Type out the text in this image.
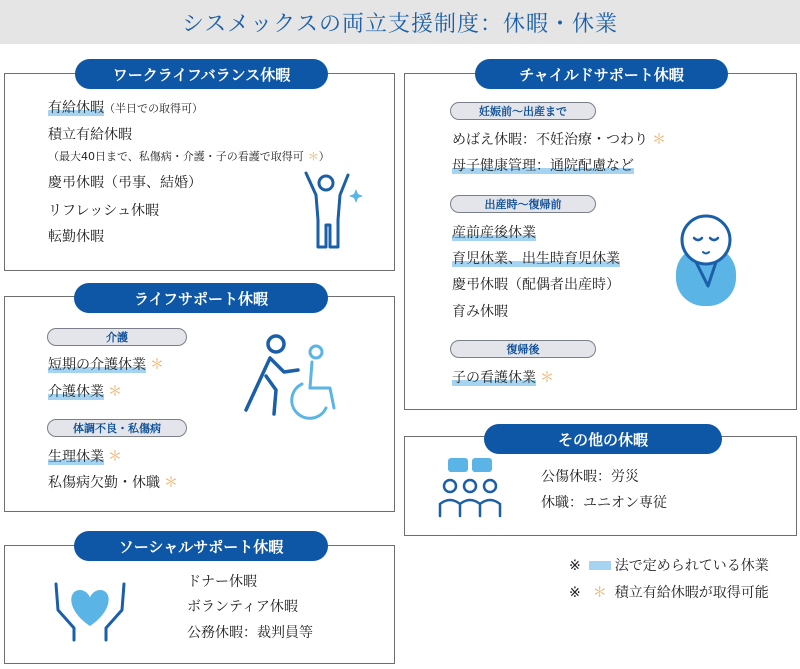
シスメックスの両立支援制度：休暇・休業
ワークライフバランス休暇
有給休暇（半日での取得可）
積立有給休暇
（最大40日まで、私傷病・介護・子の看護で取得可 ＊）
慶弔休暇（弔事、結婚）
リフレッシュ休暇
転勤休暇
ライフサポート休暇
介護
短期の介護休業 ＊
介護休業 ＊
体調不良・私傷病
生理休業 ＊
私傷病欠勤・休職 ＊
ソーシャルサポート休暇
ドナー休暇
ボランティア休暇
公務休暇：裁判員等
チャイルドサポート休暇
妊娠前〜出産まで
めばえ休暇：不妊治療・つわり ＊
母子健康管理：通院配慮など
出産時〜復帰前
産前産後休業
育児休業、出生時育児休業
慶弔休暇（配偶者出産時）
育み休暇
復帰後
子の看護休業 ＊
その他の休暇
公傷休暇：労災
休職：ユニオン専従
※ 法で定められている休業
※ ＊ 積立有給休暇が取得可能
